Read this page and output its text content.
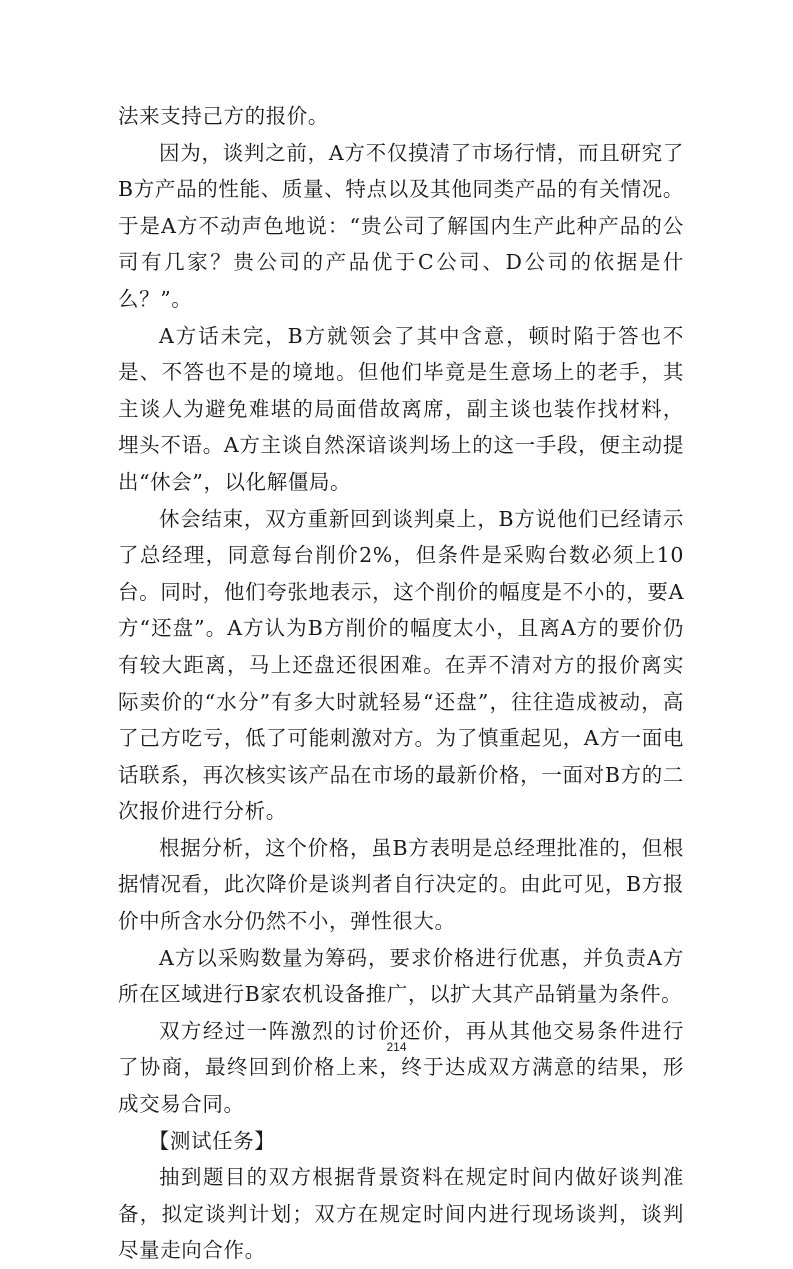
法来支持己方的报价。

因为，谈判之前，A方不仅摸清了市场行情，而且研究了B方产品的性能、质量、特点以及其他同类产品的有关情况。于是A方不动声色地说：“贵公司了解国内生产此种产品的公司有几家？贵公司的产品优于C公司、D公司的依据是什么？”。

A方话未完，B方就领会了其中含意，顿时陷于答也不是、不答也不是的境地。但他们毕竟是生意场上的老手，其主谈人为避免难堪的局面借故离席，副主谈也装作找材料，埋头不语。A方主谈自然深谙谈判场上的这一手段，便主动提出“休会”，以化解僵局。

休会结束，双方重新回到谈判桌上，B方说他们已经请示了总经理，同意每台削价2%，但条件是采购台数必须上10台。同时，他们夸张地表示，这个削价的幅度是不小的，要A方“还盘”。A方认为B方削价的幅度太小，且离A方的要价仍有较大距离，马上还盘还很困难。在弄不清对方的报价离实际卖价的“水分”有多大时就轻易“还盘”，往往造成被动，高了己方吃亏，低了可能刺激对方。为了慎重起见，A方一面电话联系，再次核实该产品在市场的最新价格，一面对B方的二次报价进行分析。

根据分析，这个价格，虽B方表明是总经理批准的，但根据情况看，此次降价是谈判者自行决定的。由此可见，B方报价中所含水分仍然不小，弹性很大。

A方以采购数量为筹码，要求价格进行优惠，并负责A方所在区域进行B家农机设备推广，以扩大其产品销量为条件。

双方经过一阵激烈的讨价还价，再从其他交易条件进行了协商，最终回到价格上来，终于达成双方满意的结果，形成交易合同。

【测试任务】

抽到题目的双方根据背景资料在规定时间内做好谈判准备，拟定谈判计划；双方在规定时间内进行现场谈判，谈判尽量走向合作。

214
